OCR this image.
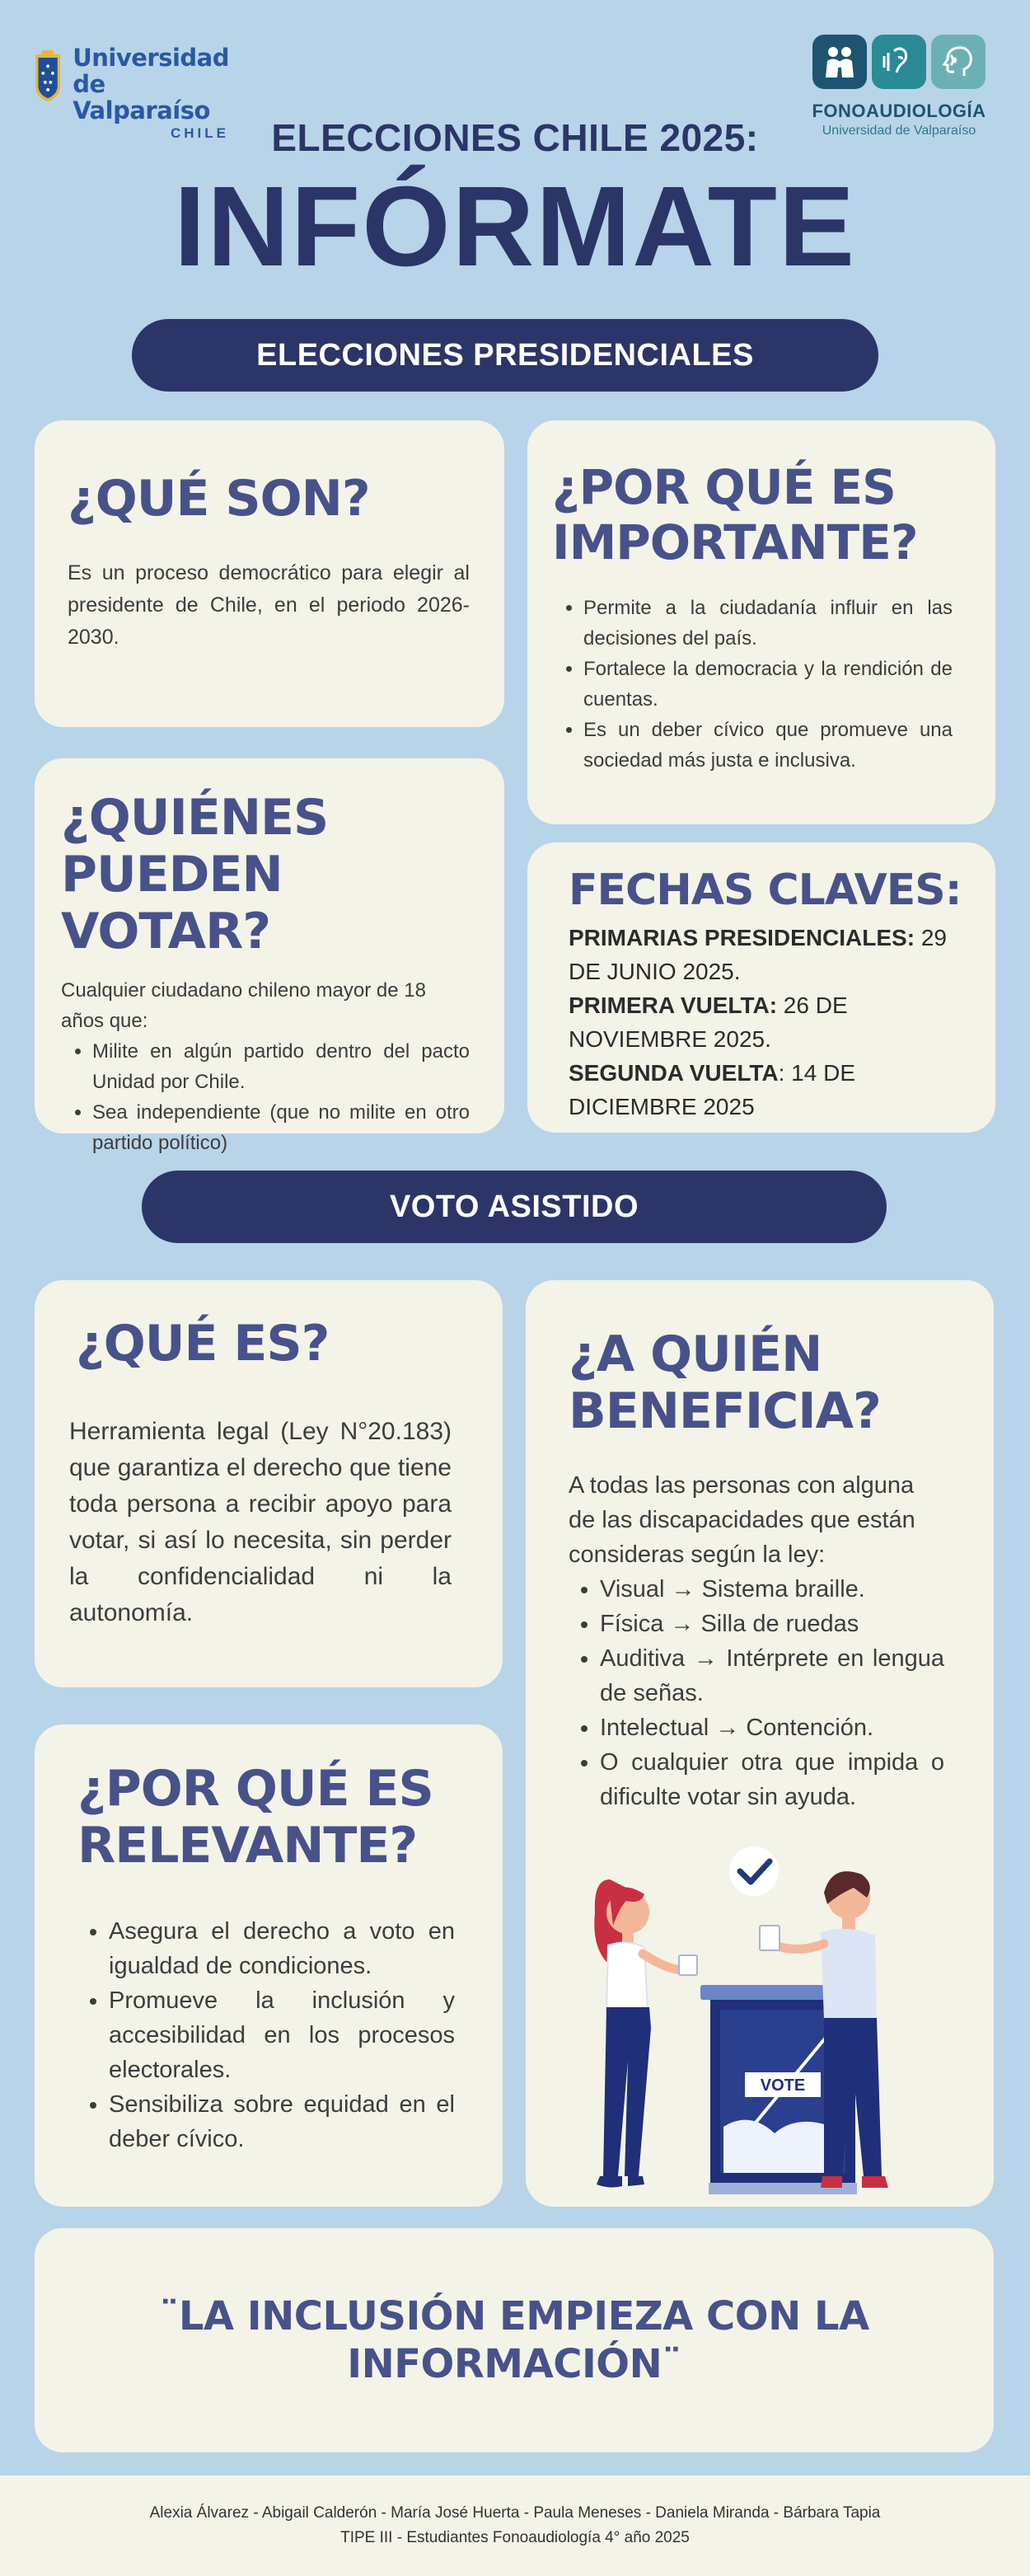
Universidad
de Valparaíso
CHILE
FONOAUDIOLOGÍA
Universidad de Valparaíso
ELECCIONES CHILE 2025:
INFÓRMATE
ELECCIONES PRESIDENCIALES
¿QUÉ SON?

Es un proceso democrático para elegir al presidente de Chile, en el periodo 2026-2030.

¿POR QUÉ ES IMPORTANTE?
• Permite a la ciudadanía influir en las decisiones del país.
• Fortalece la democracia y la rendición de cuentas.
• Es un deber cívico que promueve una sociedad más justa e inclusiva.
¿QUIÉNES PUEDEN VOTAR?

Cualquier ciudadano chileno mayor de 18 años que:

• Milite en algún partido dentro del pacto Unidad por Chile.
• Sea independiente (que no milite en otro partido político)
FECHAS CLAVES:
PRIMARIAS PRESIDENCIALES: 29 DE JUNIO 2025.
PRIMERA VUELTA: 26 DE NOVIEMBRE 2025.
SEGUNDA VUELTA: 14 DE DICIEMBRE 2025
VOTO ASISTIDO
¿QUÉ ES?

Herramienta legal (Ley N°20.183) que garantiza el derecho que tiene toda persona a recibir apoyo para votar, si así lo necesita, sin perder la confidencialidad ni la autonomía.

¿POR QUÉ ES RELEVANTE?
• Asegura el derecho a voto en igualdad de condiciones.
• Promueve la inclusión y accesibilidad en los procesos electorales.
• Sensibiliza sobre equidad en el deber cívico.
¿A QUIÉN BENEFICIA?

A todas las personas con alguna de las discapacidades que están consideras según la ley:

• Visual → Sistema braille.
• Física → Silla de ruedas
• Auditiva → Intérprete en lengua de señas.
• Intelectual → Contención.
• O cualquier otra que impida o dificulte votar sin ayuda.
VOTE
¨LA INCLUSIÓN EMPIEZA CON LA INFORMACIÓN¨
Alexia Álvarez - Abigail Calderón - María José Huerta - Paula Meneses - Daniela Miranda - Bárbara Tapia
TIPE III - Estudiantes Fonoaudiología 4° año 2025
